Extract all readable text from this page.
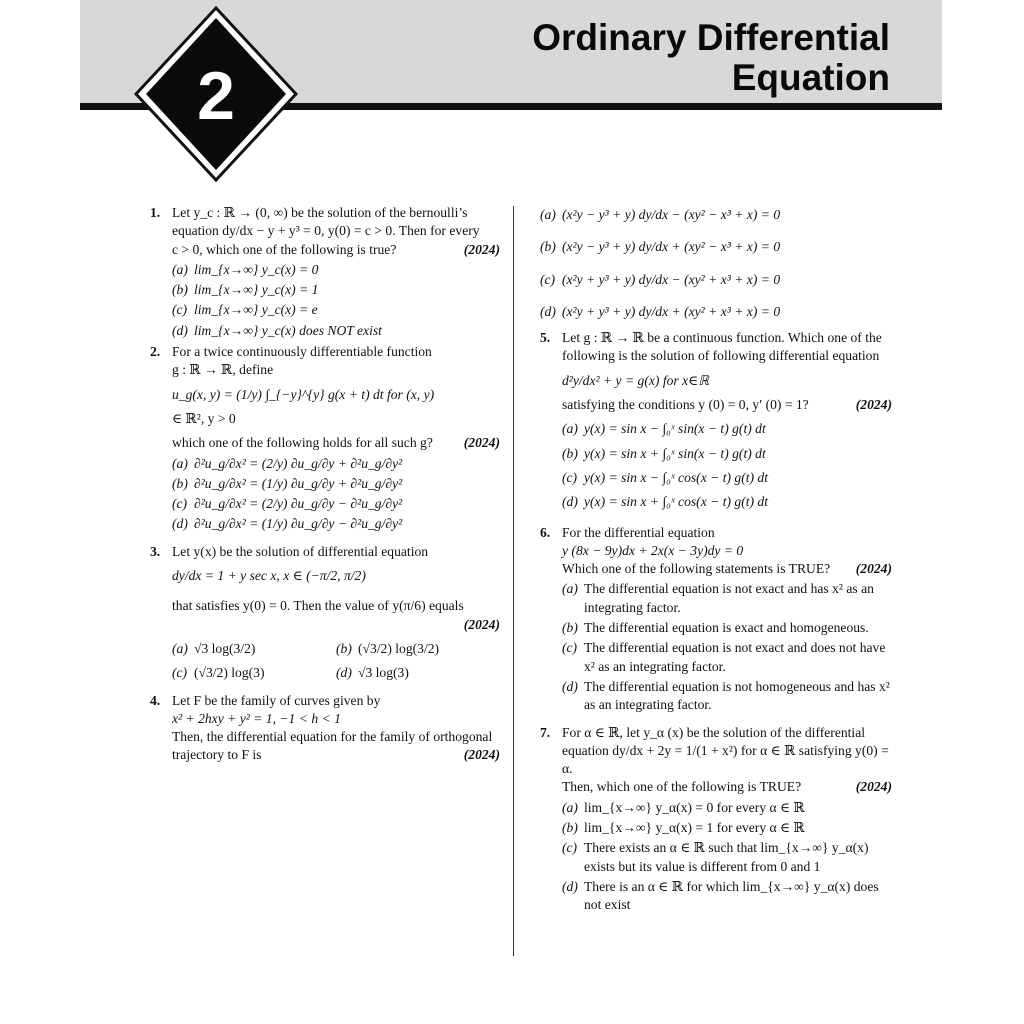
Ordinary Differential
Equation
2
1. Let y_c : ℝ → (0, ∞) be the solution of the bernoulli’s
equation dy/dx − y + y³ = 0, y(0) = c > 0. Then for every
c > 0, which one of the following is true?	(2024)
(a) lim_{x→∞} y_c(x) = 0
(b) lim_{x→∞} y_c(x) = 1
(c) lim_{x→∞} y_c(x) = e
(d) lim_{x→∞} y_c(x) does NOT exist
2. For a twice continuously differentiable function
g : ℝ → ℝ, define
u_g(x, y) = (1/y) ∫_{−y}^{y} g(x + t) dt for (x, y)
∈ ℝ², y > 0
which one of the following holds for all such g? (2024)
(a) ∂²u_g/∂x² = (2/y) ∂u_g/∂y + ∂²u_g/∂y²
(b) ∂²u_g/∂x² = (1/y) ∂u_g/∂y + ∂²u_g/∂y²
(c) ∂²u_g/∂x² = (2/y) ∂u_g/∂y − ∂²u_g/∂y²
(d) ∂²u_g/∂x² = (1/y) ∂u_g/∂y − ∂²u_g/∂y²
3. Let y(x) be the solution of differential equation
dy/dx = 1 + y sec x, x ∈ (−π/2, π/2)
that satisfies y(0) = 0. Then the value of y(π/6) equals
(2024)

(a) √3 log(3/2)	(b) (√3/2) log(3/2)
(c) (√3/2) log(3)	(d) √3 log(3)
4. Let F be the family of curves given by
x² + 2hxy + y² = 1, −1 < h < 1
Then, the differential equation for the family of orthogonal
trajectory to F is	(2024)
(a) (x²y − y³ + y) dy/dx − (xy² − x³ + x) = 0
(b) (x²y − y³ + y) dy/dx + (xy² − x³ + x) = 0
(c) (x²y + y³ + y) dy/dx − (xy² + x³ + x) = 0
(d) (x²y + y³ + y) dy/dx + (xy² + x³ + x) = 0
5. Let g : ℝ → ℝ be a continuous function. Which one of the
following is the solution of following differential equation
d²y/dx² + y = g(x) for x∈ℝ
satisfying the conditions y (0) = 0, y′ (0) = 1?	(2024)
(a) y(x) = sin x − ∫₀ˣ sin(x − t) g(t) dt
(b) y(x) = sin x + ∫₀ˣ sin(x − t) g(t) dt
(c) y(x) = sin x − ∫₀ˣ cos(x − t) g(t) dt
(d) y(x) = sin x + ∫₀ˣ cos(x − t) g(t) dt
6. For the differential equation
y (8x − 9y)dx + 2x(x − 3y)dy = 0
Which one of the following statements is TRUE? (2024)
(a) The differential equation is not exact and has x² as an integrating factor.
(b) The differential equation is exact and homogeneous.
(c) The differential equation is not exact and does not have x² as an integrating factor.
(d) The differential equation is not homogeneous and has x² as an integrating factor.
7. For α ∈ ℝ, let y_α (x) be the solution of the differential
equation dy/dx + 2y = 1/(1 + x²) for α ∈ ℝ satisfying y(0) = α.
Then, which one of the following is TRUE?	(2024)
(a) lim_{x→∞} y_α(x) = 0 for every α ∈ ℝ
(b) lim_{x→∞} y_α(x) = 1 for every α ∈ ℝ
(c) There exists an α ∈ ℝ such that lim_{x→∞} y_α(x) exists but its value is different from 0 and 1
(d) There is an α ∈ ℝ for which lim_{x→∞} y_α(x) does not exist
